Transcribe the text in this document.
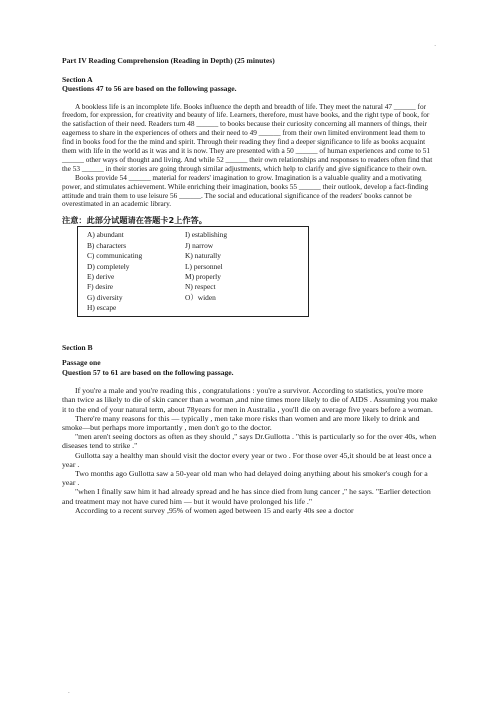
.
Part IV Reading Comprehension (Reading in Depth) (25 minutes)
Section A
Questions 47 to 56 are based on the following passage.

A bookless life is an incomplete life. Books influence the depth and breadth of life. They meet the natural 47 ______ for freedom, for expression, for creativity and beauty of life. Learners, therefore, must have books, and the right type of book, for the satisfaction of their need. Readers turn 48 ______ to books because their curiosity concerning all manners of things, their eagerness to share in the experiences of others and their need to 49 ______ from their own limited environment lead them to find in books food for the the mind and spirit. Through their reading they find a deeper significance to life as books acquaint them with life in the world as it was and it is now. They are presented with a 50 ______ of human experiences and come to 51 ______ other ways of thought and living. And while 52 ______ their own relationships and responses to readers often find that the 53 ______ in their stories are going through similar adjustments, which help to clarify and give significance to their own.

Books provide 54 ______ material for readers' imagination to grow. Imagination is a valuable quality and a motivating power, and stimulates achievement. While enriching their imagination, books 55 ______ their outlook, develop a fact-finding attitude and train them to use leisure 56 ______. The social and educational significance of the readers' books cannot be overestimated in an academic library.

注意：此部分试题请在答题卡2上作答。
A) abundant	I) establishing
B) characters	J) narrow
C) communicating	K) naturally
D) completely	L) personnel
E) derive	M) properly
F) desire	N) respect
G) diversity	O）widen
H) escape
Section B
Passage one
Question 57 to 61 are based on the following passage.

If you're a male and you're reading this , congratulations : you're a survivor. According to statistics, you're more than twice as likely to die of skin cancer than a woman ,and nine times more likely to die of AIDS . Assuming you make it to the end of your natural term, about 78years for men in Australia , you'll die on average five years before a woman.

There're many reasons for this — typically , men take more risks than women and are more likely to drink and smoke—but perhaps more importantly , men don't go to the doctor.

"men aren't seeing doctors as often as they should ," says Dr.Gullotta . "this is particularly so for the over 40s, when diseases tend to strike ."

Gullotta say a healthy man should visit the doctor every year or two . For those over 45,it should be at least once a year .

Two months ago Gullotta saw a 50-year old man who had delayed doing anything about his smoker's cough for a year .

"when I finally saw him it had already spread and he has since died from lung cancer ," he says. "Earlier detection and treatment may not have cured him — but it would have prolonged his life ."

According to a recent survey ,95% of women aged between 15 and early 40s see a doctor

.
